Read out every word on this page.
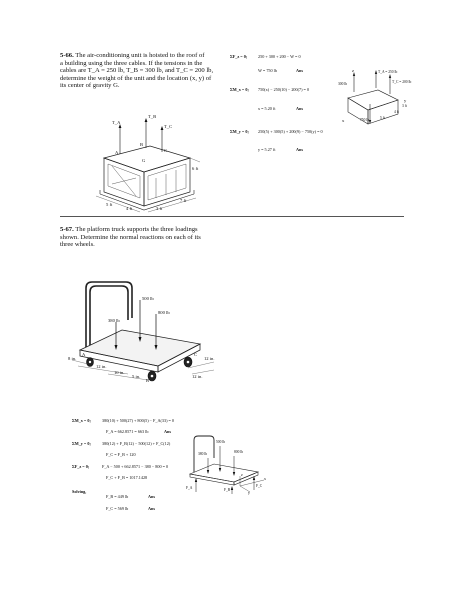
5-66. The air-conditioning unit is hoisted to the roof of
a building using the three cables. If the tensions in the
cables are T_A = 250 lb, T_B = 300 lb, and T_C = 200 lb,
determine the weight of the unit and the location (x, y) of
its center of gravity G.
ΣF_z = 0;	250 + 300 + 200 − W = 0
W = 750 lb	Ans
ΣM_x = 0; 750(x) − 250(10) − 200(7) = 0
x = 5.20 ft	Ans
ΣM_y = 0; 250(5) + 300(5) + 200(9) − 750(y) = 0
y = 5.27 ft	Ans
T_A = 250 lb
T_C = 200 lb
300 lb
750 lb	5 ft
4 ft
3 ft
y
x
z
T_A
T_B
T_C
A
B
C
G
5 ft
4 ft	3 ft
7 ft
6 ft
5-67. The platform truck supports the three loadings
shown. Determine the normal reactions on each of its
three wheels.
500 lb
800 lb
380 lb
8 in.
12 in.
10 in.
5 in.
12 in.
12 in.
A
B
C
ΣM_x = 0;	380(10) + 500(27) + 800(5) − F_A(33) = 0
F_A = 662.8571 = 663 lb	Ans
ΣM_y = 0;	380(12) + F_B(12) − 500(12) + F_C(12)
F_C = F_B + 120
ΣF_z = 0;	F_A − 500 + 662.8571 − 380 − 800 = 0
F_C + F_B = 1017.1428
Solving,
F_B = 449 lb	Ans
F_C = 569 lb	Ans
500 lb
380 lb	800 lb
F_A	F_B
F_C
x
y
z
